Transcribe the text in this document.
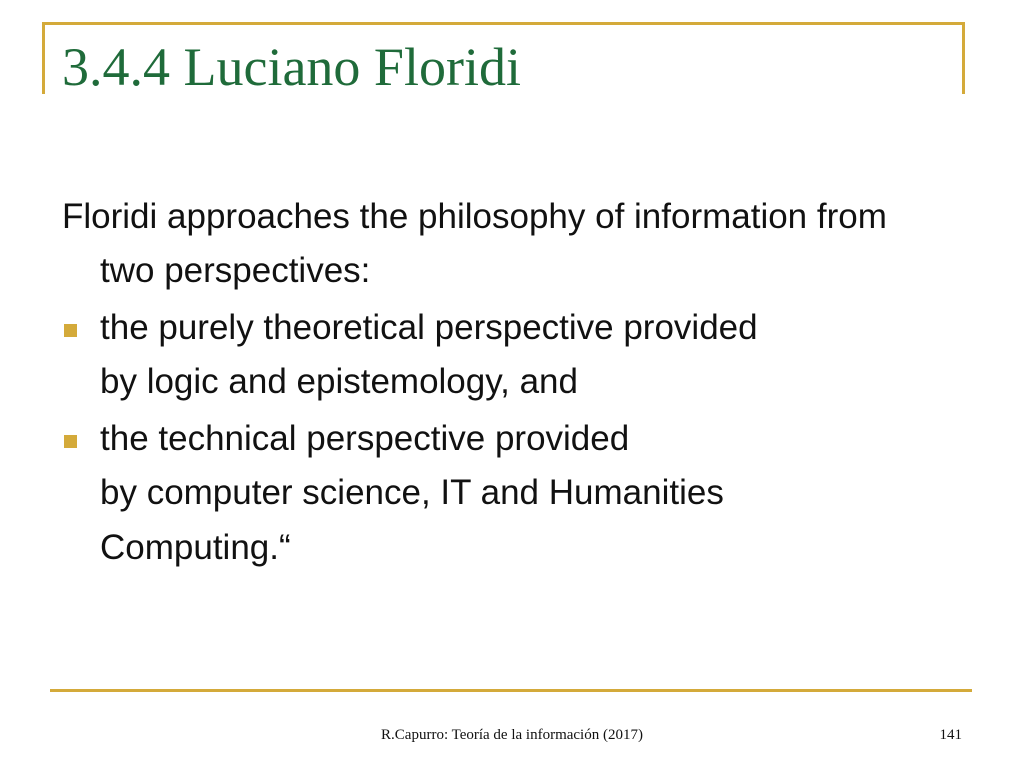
3.4.4 Luciano Floridi

Floridi approaches the philosophy of information from two perspectives:

the purely theoretical perspective provided
by logic and epistemology, and
the technical perspective provided
by computer science, IT and Humanities
Computing.“
R.Capurro: Teoría de la información (2017)	141
